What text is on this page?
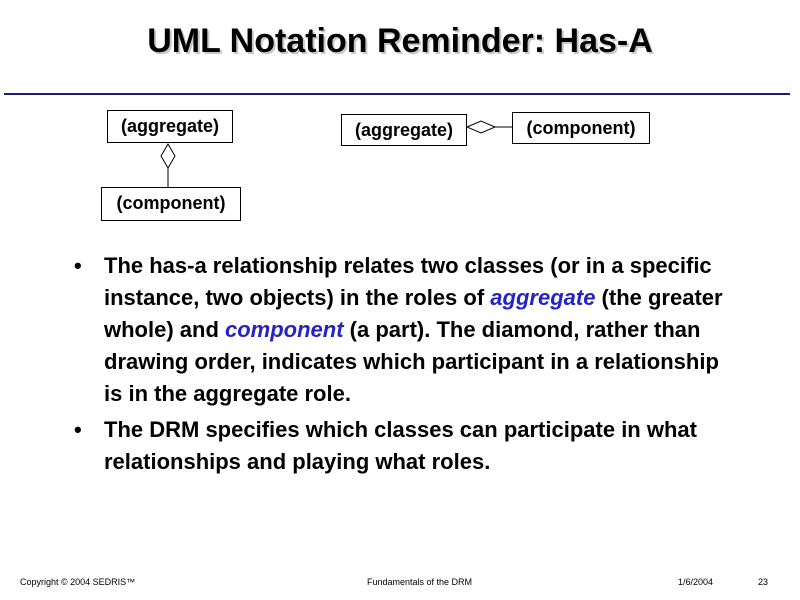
UML Notation Reminder: Has-A
(aggregate)
(component)
(aggregate)	(component)
• The has-a relationship relates two classes (or in a specific instance, two objects) in the roles of aggregate (the greater whole) and component (a part). The diamond, rather than drawing order, indicates which participant in a relationship is in the aggregate role.
• The DRM specifies which classes can participate in what relationships and playing what roles.
Copyright © 2004 SEDRIS™	Fundamentals of the DRM	1/6/2004	23
